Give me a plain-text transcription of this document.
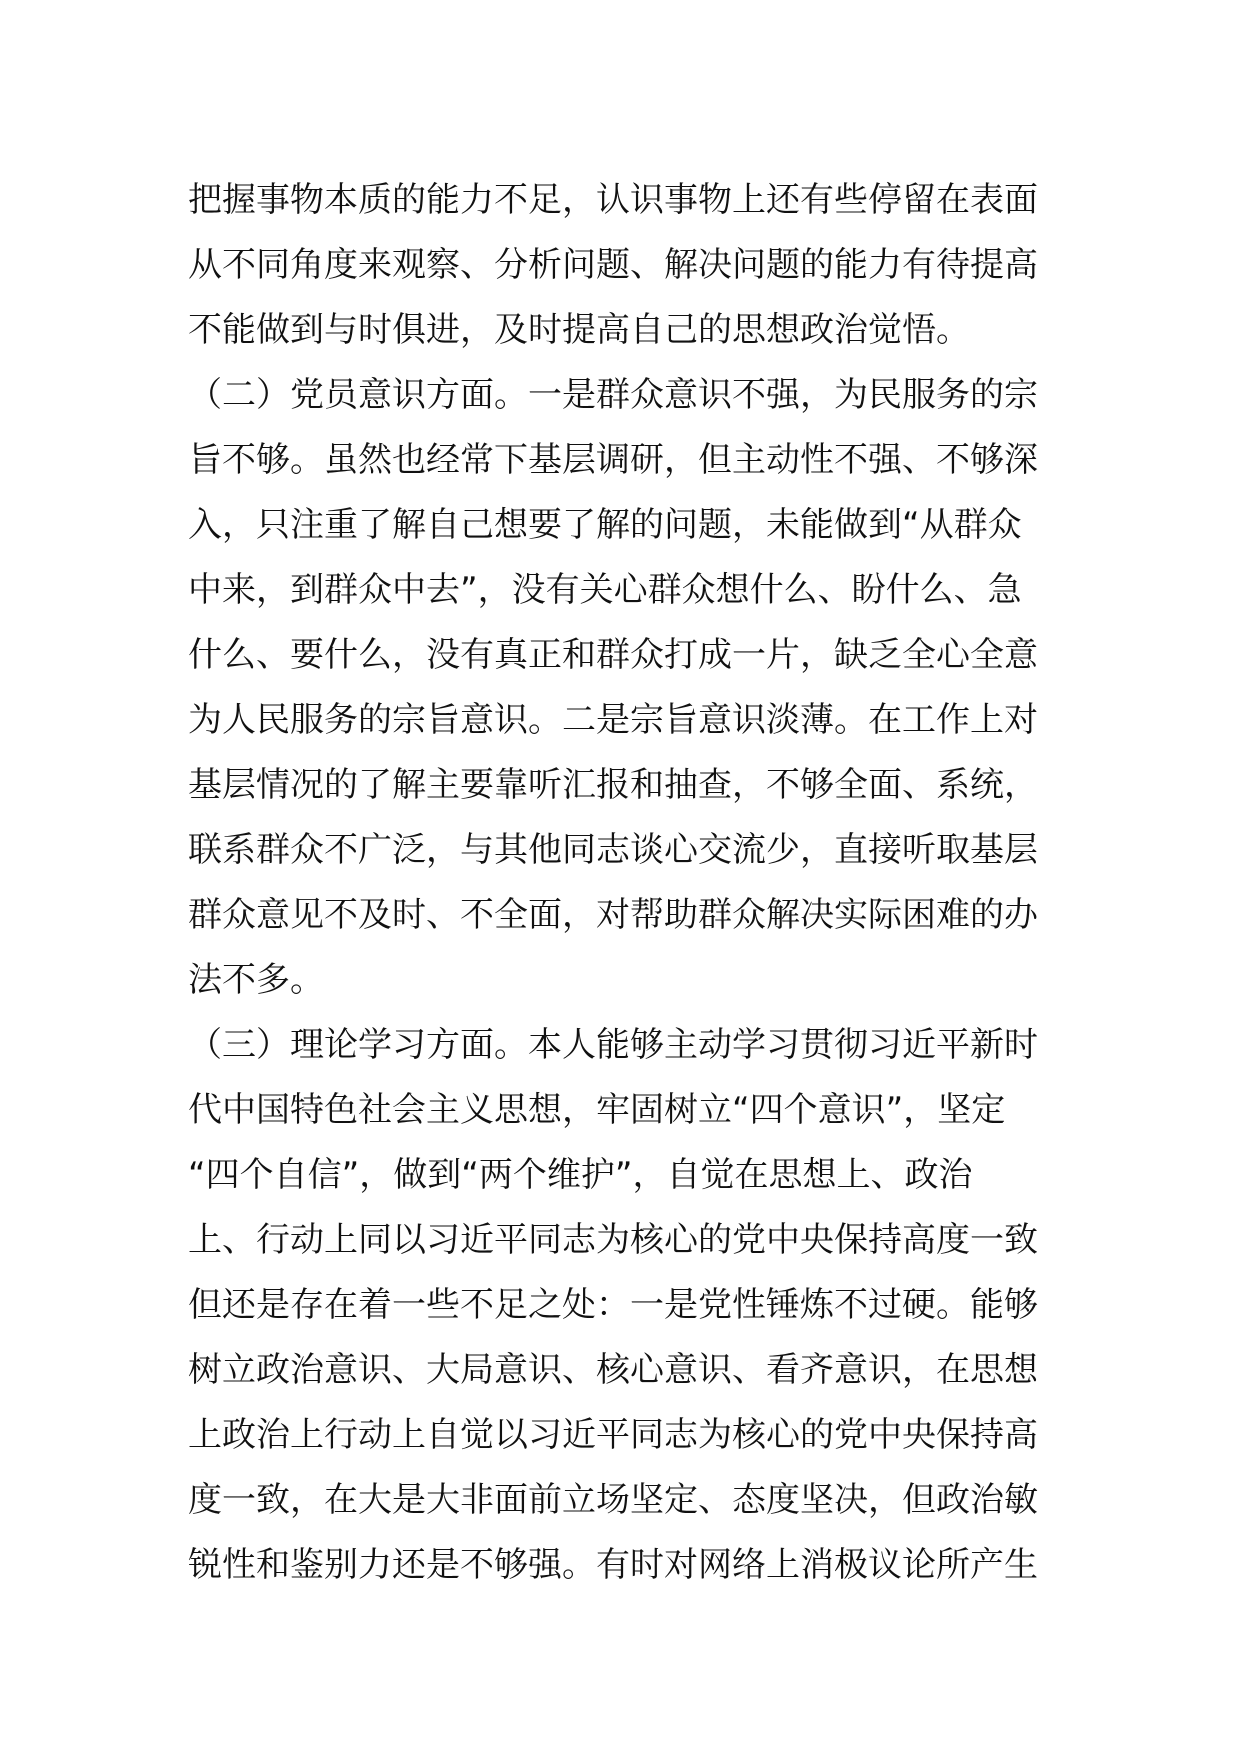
把握事物本质的能力不足，认识事物上还有些停留在表面
从不同角度来观察、分析问题、解决问题的能力有待提高
不能做到与时俱进，及时提高自己的思想政治觉悟。
（二）党员意识方面。一是群众意识不强，为民服务的宗
旨不够。虽然也经常下基层调研，但主动性不强、不够深
入，只注重了解自己想要了解的问题，未能做到“从群众
中来，到群众中去”，没有关心群众想什么、盼什么、急
什么、要什么，没有真正和群众打成一片，缺乏全心全意
为人民服务的宗旨意识。二是宗旨意识淡薄。在工作上对
基层情况的了解主要靠听汇报和抽查，不够全面、系统，
联系群众不广泛，与其他同志谈心交流少，直接听取基层
群众意见不及时、不全面，对帮助群众解决实际困难的办
法不多。
（三）理论学习方面。本人能够主动学习贯彻习近平新时
代中国特色社会主义思想，牢固树立“四个意识”，坚定
“四个自信”，做到“两个维护”，自觉在思想上、政治
上、行动上同以习近平同志为核心的党中央保持高度一致
但还是存在着一些不足之处：一是党性锤炼不过硬。能够
树立政治意识、大局意识、核心意识、看齐意识，在思想
上政治上行动上自觉以习近平同志为核心的党中央保持高
度一致，在大是大非面前立场坚定、态度坚决，但政治敏
锐性和鉴别力还是不够强。有时对网络上消极议论所产生
